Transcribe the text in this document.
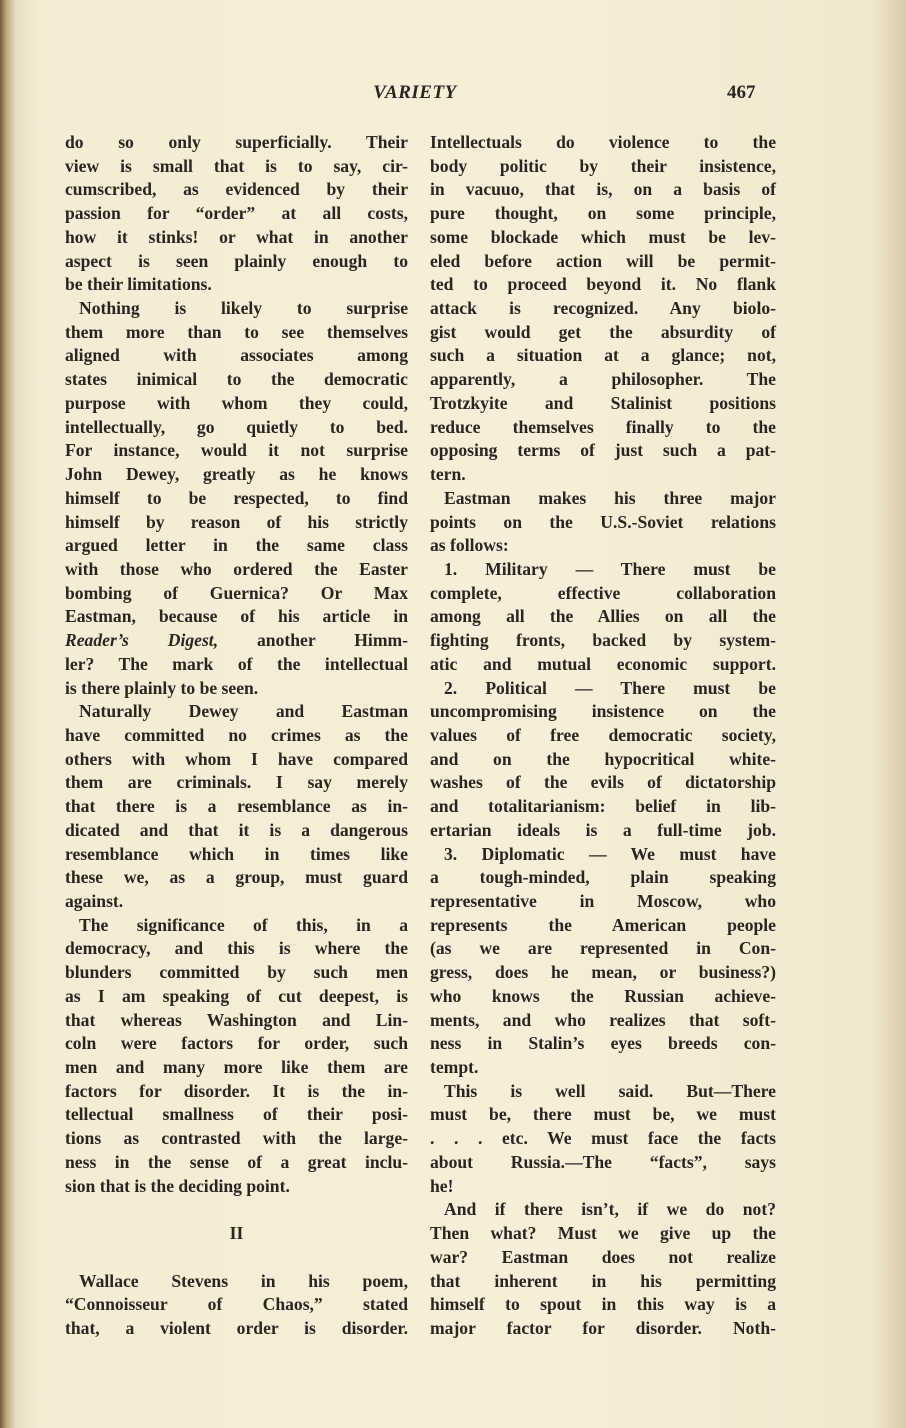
VARIETY	467
do so only superficially. Their
view is small that is to say, cir-
cumscribed, as evidenced by their
passion for “order” at all costs,
how it stinks! or what in another
aspect is seen plainly enough to
be their limitations.
Nothing is likely to surprise
them more than to see themselves
aligned with associates among
states inimical to the democratic
purpose with whom they could,
intellectually, go quietly to bed.
For instance, would it not surprise
John Dewey, greatly as he knows
himself to be respected, to find
himself by reason of his strictly
argued letter in the same class
with those who ordered the Easter
bombing of Guernica? Or Max
Eastman, because of his article in
Reader’s Digest, another Himm-
ler? The mark of the intellectual
is there plainly to be seen.
Naturally Dewey and Eastman
have committed no crimes as the
others with whom I have compared
them are criminals. I say merely
that there is a resemblance as in-
dicated and that it is a dangerous
resemblance which in times like
these we, as a group, must guard
against.
The significance of this, in a
democracy, and this is where the
blunders committed by such men
as I am speaking of cut deepest, is
that whereas Washington and Lin-
coln were factors for order, such
men and many more like them are
factors for disorder. It is the in-
tellectual smallness of their posi-
tions as contrasted with the large-
ness in the sense of a great inclu-
sion that is the deciding point.
II
Wallace Stevens in his poem,
“Connoisseur of Chaos,” stated
that, a violent order is disorder.
Intellectuals do violence to the
body politic by their insistence,
in vacuuo, that is, on a basis of
pure thought, on some principle,
some blockade which must be lev-
eled before action will be permit-
ted to proceed beyond it. No flank
attack is recognized. Any biolo-
gist would get the absurdity of
such a situation at a glance; not,
apparently, a philosopher. The
Trotzkyite and Stalinist positions
reduce themselves finally to the
opposing terms of just such a pat-
tern.
Eastman makes his three major
points on the U.S.-Soviet relations
as follows:
1. Military — There must be
complete, effective collaboration
among all the Allies on all the
fighting fronts, backed by system-
atic and mutual economic support.
2. Political — There must be
uncompromising insistence on the
values of free democratic society,
and on the hypocritical white-
washes of the evils of dictatorship
and totalitarianism: belief in lib-
ertarian ideals is a full-time job.
3. Diplomatic — We must have
a tough-minded, plain speaking
representative in Moscow, who
represents the American people
(as we are represented in Con-
gress, does he mean, or business?)
who knows the Russian achieve-
ments, and who realizes that soft-
ness in Stalin’s eyes breeds con-
tempt.
This is well said. But—There
must be, there must be, we must
. . . etc. We must face the facts
about Russia.—The “facts”, says
he!
And if there isn’t, if we do not?
Then what? Must we give up the
war? Eastman does not realize
that inherent in his permitting
himself to spout in this way is a
major factor for disorder. Noth-
